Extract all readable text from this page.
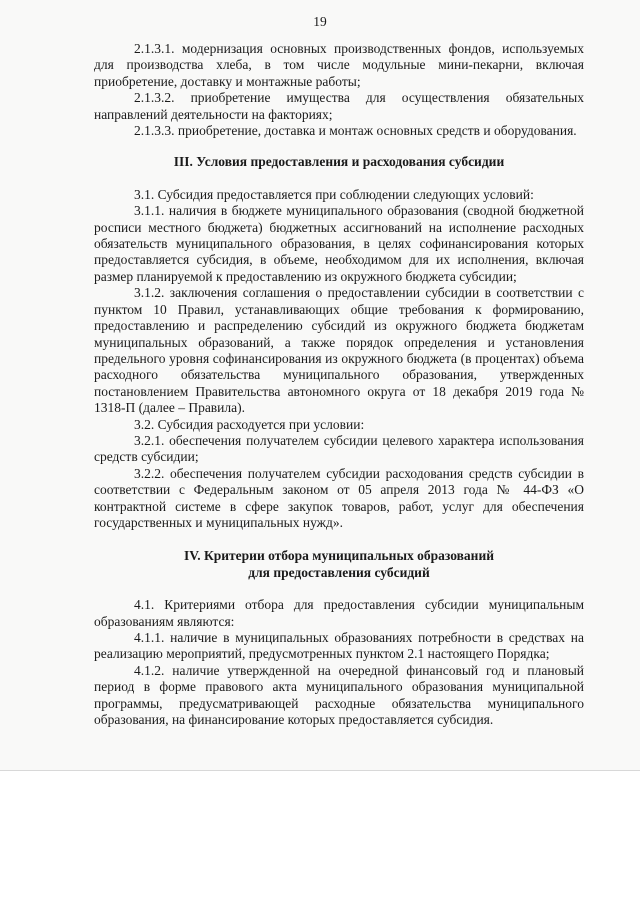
19

2.1.3.1. модернизация основных производственных фондов, используемых для производства хлеба, в том числе модульные мини-пекарни, включая приобретение, доставку и монтажные работы;

2.1.3.2. приобретение имущества для осуществления обязательных направлений деятельности на факториях;

2.1.3.3. приобретение, доставка и монтаж основных средств и оборудования.

III. Условия предоставления и расходования субсидии

3.1. Субсидия предоставляется при соблюдении следующих условий:

3.1.1. наличия в бюджете муниципального образования (сводной бюджетной росписи местного бюджета) бюджетных ассигнований на исполнение расходных обязательств муниципального образования, в целях софинансирования которых предоставляется субсидия, в объеме, необходимом для их исполнения, включая размер планируемой к предоставлению из окружного бюджета субсидии;

3.1.2. заключения соглашения о предоставлении субсидии в соответствии с пунктом 10 Правил, устанавливающих общие требования к формированию, предоставлению и распределению субсидий из окружного бюджета бюджетам муниципальных образований, а также порядок определения и установления предельного уровня софинансирования из окружного бюджета (в процентах) объема расходного обязательства муниципального образования, утвержденных постановлением Правительства автономного округа от 18 декабря 2019 года № 1318-П (далее – Правила).

3.2. Субсидия расходуется при условии:

3.2.1. обеспечения получателем субсидии целевого характера использования средств субсидии;

3.2.2. обеспечения получателем субсидии расходования средств субсидии в соответствии с Федеральным законом от 05 апреля 2013 года № 44-ФЗ «О контрактной системе в сфере закупок товаров, работ, услуг для обеспечения государственных и муниципальных нужд».

IV. Критерии отбора муниципальных образований
для предоставления субсидий

4.1. Критериями отбора для предоставления субсидии муниципальным образованиям являются:

4.1.1. наличие в муниципальных образованиях потребности в средствах на реализацию мероприятий, предусмотренных пунктом 2.1 настоящего Порядка;

4.1.2. наличие утвержденной на очередной финансовый год и плановый период в форме правового акта муниципального образования муниципальной программы, предусматривающей расходные обязательства муниципального образования, на финансирование которых предоставляется субсидия.
